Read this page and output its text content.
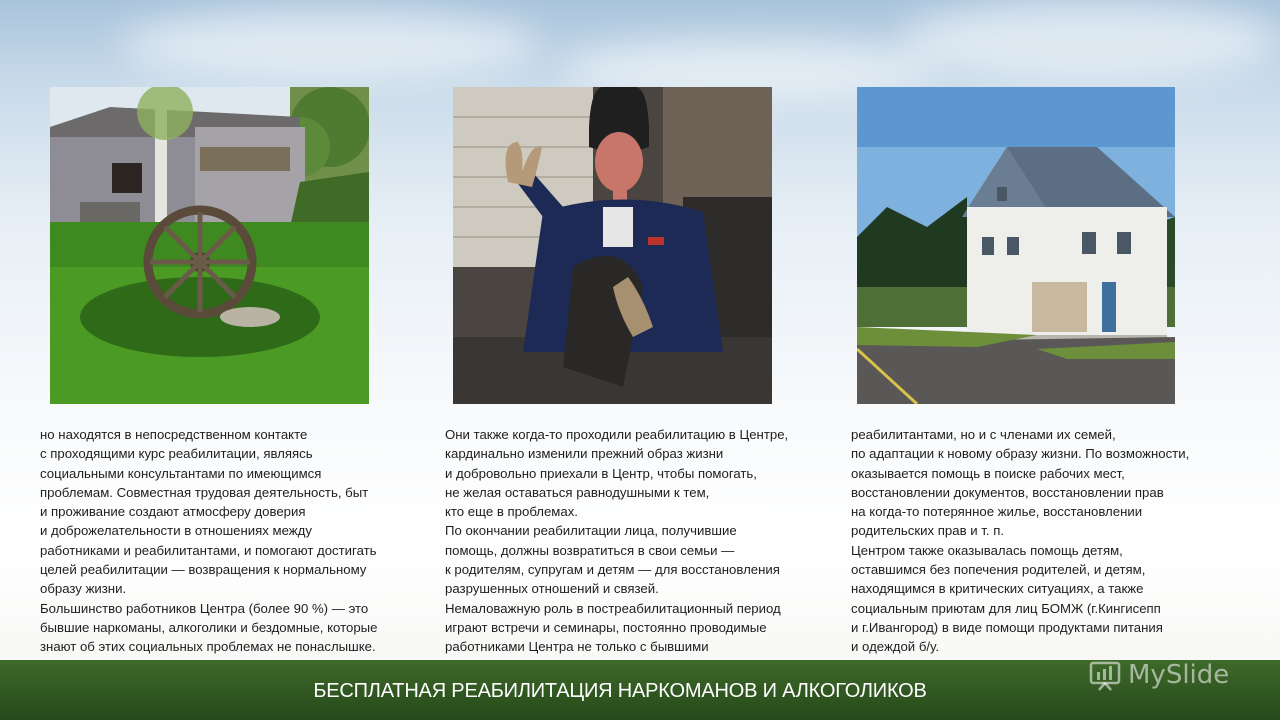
но находятся в непосредственном контакте
с проходящими курс реабилитации, являясь
социальными консультантами по имеющимся
проблемам. Совместная трудовая деятельность, быт
и проживание создают атмосферу доверия
и доброжелательности в отношениях между
работниками и реабилитантами, и помогают достигать
целей реабилитации — возвращения к нормальному
образу жизни.
Большинство работников Центра (более 90 %) — это
бывшие наркоманы, алкоголики и бездомные, которые
знают об этих социальных проблемах не понаслышке.
Они также когда-то проходили реабилитацию в Центре,
кардинально изменили прежний образ жизни
и добровольно приехали в Центр, чтобы помогать,
не желая оставаться равнодушными к тем,
кто еще в проблемах.
По окончании реабилитации лица, получившие
помощь, должны возвратиться в свои семьи —
к родителям, супругам и детям — для восстановления
разрушенных отношений и связей.
Немаловажную роль в постреабилитационный период
играют встречи и семинары, постоянно проводимые
работниками Центра не только с бывшими
реабилитантами, но и с членами их семей,
по адаптации к новому образу жизни. По возможности,
оказывается помощь в поиске рабочих мест,
восстановлении документов, восстановлении прав
на когда-то потерянное жилье, восстановлении
родительских прав и т. п.
Центром также оказывалась помощь детям,
оставшимся без попечения родителей, и детям,
находящимся в критических ситуациях, а также
социальным приютам для лиц БОМЖ (г.Кингисепп
и г.Ивангород) в виде помощи продуктами питания
и одеждой б/у.
БЕСПЛАТНАЯ РЕАБИЛИТАЦИЯ НАРКОМАНОВ И АЛКОГОЛИКОВ
MySlide
